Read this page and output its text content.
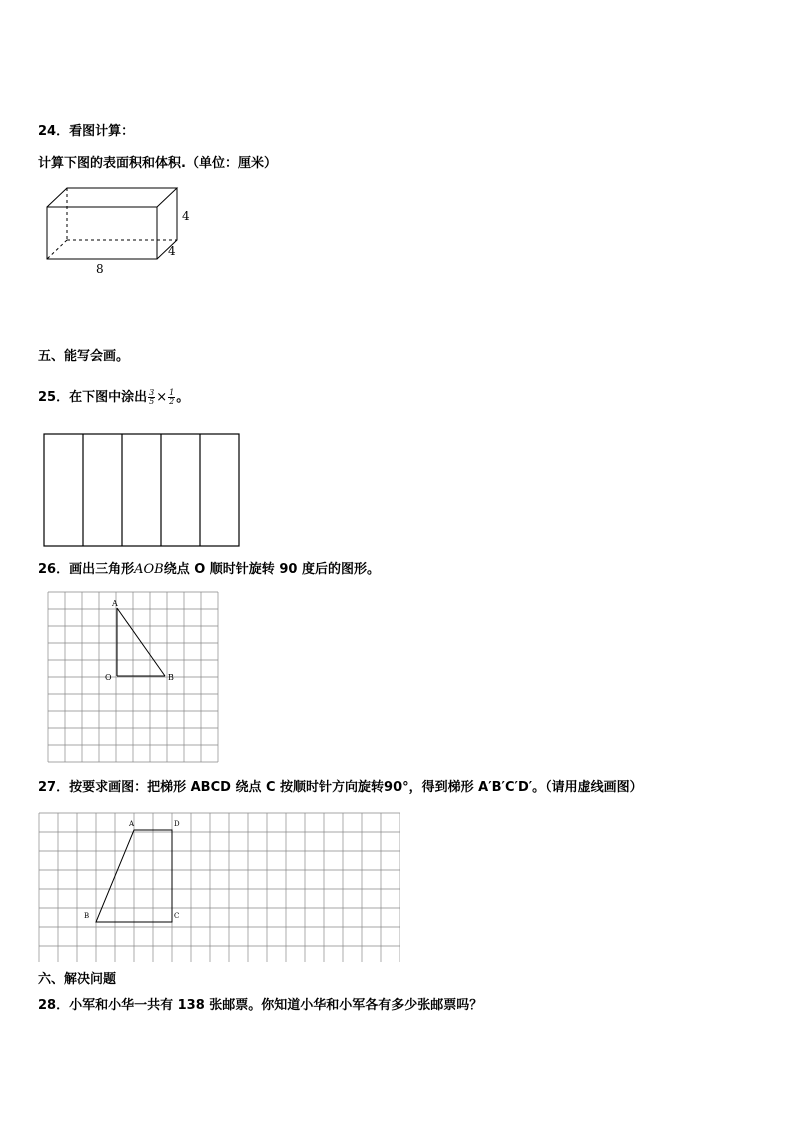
24．看图计算：
计算下图的表面积和体积.（单位：厘米）
4
4
8
五、能写会画。
25．在下图中涂出 $\frac{3}{5} \times \frac{1}{2}$ 。
26．画出三角形AOB绕点 O 顺时针旋转 90 度后的图形。
A
O	B
27．按要求画图：把梯形 ABCD 绕点 C 按顺时针方向旋转90°，得到梯形 A′B′C′D′。（请用虚线画图）
A	D
B	C
六、解决问题
28．小军和小华一共有 138 张邮票。你知道小华和小军各有多少张邮票吗？
